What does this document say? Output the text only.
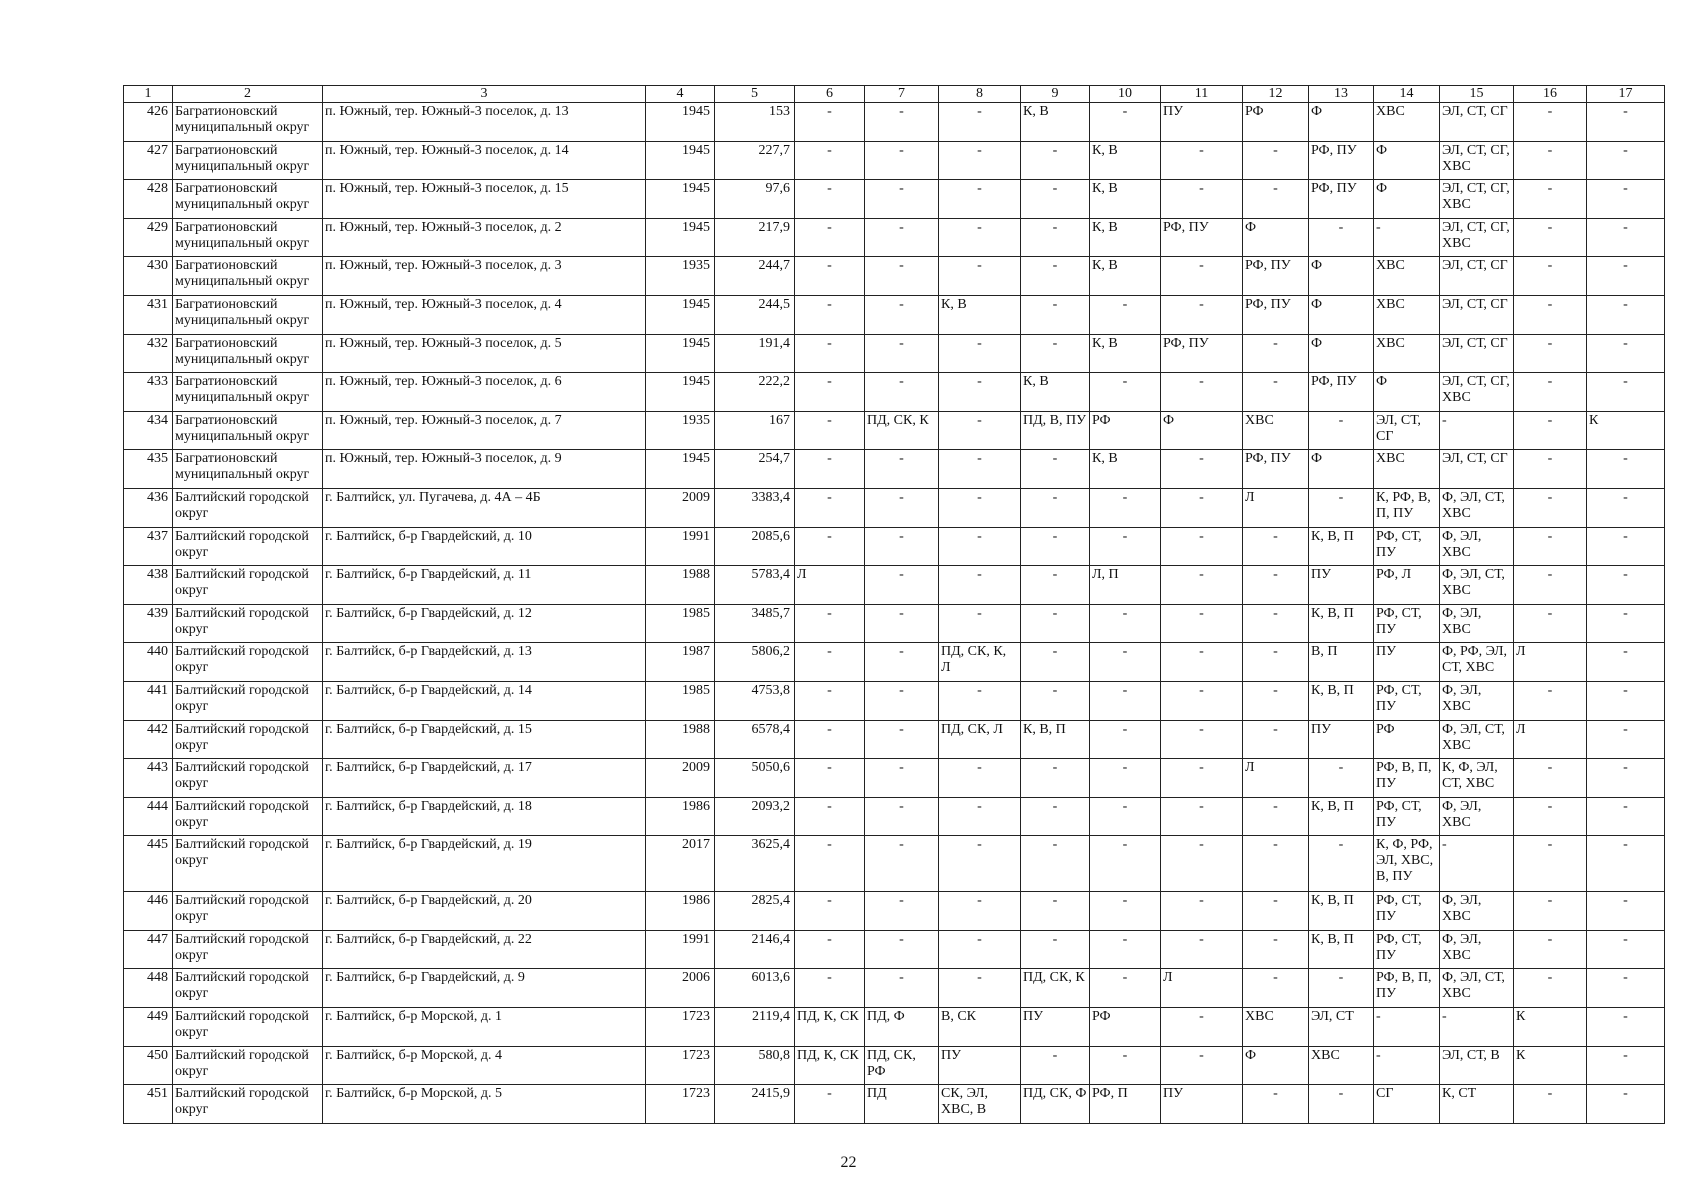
1	2	3	4	5	6	7	8	9	10	11	12	13	14	15	16	17
426	Багратионовский муниципальный округ	п. Южный, тер. Южный-3 поселок, д. 13	1945	153	-	-	-	К, В	-	ПУ	РФ	Ф	ХВС	ЭЛ, СТ, СГ	-	-
427	Багратионовский муниципальный округ	п. Южный, тер. Южный-3 поселок, д. 14	1945	227,7	-	-	-	-	К, В	-	-	РФ, ПУ	Ф	ЭЛ, СТ, СГ, ХВС	-	-
428	Багратионовский муниципальный округ	п. Южный, тер. Южный-3 поселок, д. 15	1945	97,6	-	-	-	-	К, В	-	-	РФ, ПУ	Ф	ЭЛ, СТ, СГ, ХВС	-	-
429	Багратионовский муниципальный округ	п. Южный, тер. Южный-3 поселок, д. 2	1945	217,9	-	-	-	-	К, В	РФ, ПУ	Ф	-	-	ЭЛ, СТ, СГ, ХВС	-	-
430	Багратионовский муниципальный округ	п. Южный, тер. Южный-3 поселок, д. 3	1935	244,7	-	-	-	-	К, В	-	РФ, ПУ	Ф	ХВС	ЭЛ, СТ, СГ	-	-
431	Багратионовский муниципальный округ	п. Южный, тер. Южный-3 поселок, д. 4	1945	244,5	-	-	К, В	-	-	-	РФ, ПУ	Ф	ХВС	ЭЛ, СТ, СГ	-	-
432	Багратионовский муниципальный округ	п. Южный, тер. Южный-3 поселок, д. 5	1945	191,4	-	-	-	-	К, В	РФ, ПУ	-	Ф	ХВС	ЭЛ, СТ, СГ	-	-
433	Багратионовский муниципальный округ	п. Южный, тер. Южный-3 поселок, д. 6	1945	222,2	-	-	-	К, В	-	-	-	РФ, ПУ	Ф	ЭЛ, СТ, СГ, ХВС	-	-
434	Багратионовский муниципальный округ	п. Южный, тер. Южный-3 поселок, д. 7	1935	167	-	ПД, СК, К	-	ПД, В, ПУ	РФ	Ф	ХВС	-	ЭЛ, СТ, СГ	-	-	К
435	Багратионовский муниципальный округ	п. Южный, тер. Южный-3 поселок, д. 9	1945	254,7	-	-	-	-	К, В	-	РФ, ПУ	Ф	ХВС	ЭЛ, СТ, СГ	-	-
436	Балтийский городской округ	г. Балтийск, ул. Пугачева, д. 4А – 4Б	2009	3383,4	-	-	-	-	-	-	Л	-	К, РФ, В, П, ПУ	Ф, ЭЛ, СТ, ХВС	-	-
437	Балтийский городской округ	г. Балтийск, б-р Гвардейский, д. 10	1991	2085,6	-	-	-	-	-	-	-	К, В, П	РФ, СТ, ПУ	Ф, ЭЛ, ХВС	-	-
438	Балтийский городской округ	г. Балтийск, б-р Гвардейский, д. 11	1988	5783,4	Л	-	-	-	Л, П	-	-	ПУ	РФ, Л	Ф, ЭЛ, СТ, ХВС	-	-
439	Балтийский городской округ	г. Балтийск, б-р Гвардейский, д. 12	1985	3485,7	-	-	-	-	-	-	-	К, В, П	РФ, СТ, ПУ	Ф, ЭЛ, ХВС	-	-
440	Балтийский городской округ	г. Балтийск, б-р Гвардейский, д. 13	1987	5806,2	-	-	ПД, СК, К, Л	-	-	-	-	В, П	ПУ	Ф, РФ, ЭЛ, СТ, ХВС	Л	-
441	Балтийский городской округ	г. Балтийск, б-р Гвардейский, д. 14	1985	4753,8	-	-	-	-	-	-	-	К, В, П	РФ, СТ, ПУ	Ф, ЭЛ, ХВС	-	-
442	Балтийский городской округ	г. Балтийск, б-р Гвардейский, д. 15	1988	6578,4	-	-	ПД, СК, Л	К, В, П	-	-	-	ПУ	РФ	Ф, ЭЛ, СТ, ХВС	Л	-
443	Балтийский городской округ	г. Балтийск, б-р Гвардейский, д. 17	2009	5050,6	-	-	-	-	-	-	Л	-	РФ, В, П, ПУ	К, Ф, ЭЛ, СТ, ХВС	-	-
444	Балтийский городской округ	г. Балтийск, б-р Гвардейский, д. 18	1986	2093,2	-	-	-	-	-	-	-	К, В, П	РФ, СТ, ПУ	Ф, ЭЛ, ХВС	-	-
445	Балтийский городской округ	г. Балтийск, б-р Гвардейский, д. 19	2017	3625,4	-	-	-	-	-	-	-	-	К, Ф, РФ, ЭЛ, ХВС, В, ПУ	-	-	-
446	Балтийский городской округ	г. Балтийск, б-р Гвардейский, д. 20	1986	2825,4	-	-	-	-	-	-	-	К, В, П	РФ, СТ, ПУ	Ф, ЭЛ, ХВС	-	-
447	Балтийский городской округ	г. Балтийск, б-р Гвардейский, д. 22	1991	2146,4	-	-	-	-	-	-	-	К, В, П	РФ, СТ, ПУ	Ф, ЭЛ, ХВС	-	-
448	Балтийский городской округ	г. Балтийск, б-р Гвардейский, д. 9	2006	6013,6	-	-	-	ПД, СК, К	-	Л	-	-	РФ, В, П, ПУ	Ф, ЭЛ, СТ, ХВС	-	-
449	Балтийский городской округ	г. Балтийск, б-р Морской, д. 1	1723	2119,4	ПД, К, СК	ПД, Ф	В, СК	ПУ	РФ	-	ХВС	ЭЛ, СТ	-	-	К	-
450	Балтийский городской округ	г. Балтийск, б-р Морской, д. 4	1723	580,8	ПД, К, СК	ПД, СК, РФ	ПУ	-	-	-	Ф	ХВС	-	ЭЛ, СТ, В	К	-
451	Балтийский городской округ	г. Балтийск, б-р Морской, д. 5	1723	2415,9	-	ПД	СК, ЭЛ, ХВС, В	ПД, СК, Ф	РФ, П	ПУ	-	-	СГ	К, СТ	-	-
22
